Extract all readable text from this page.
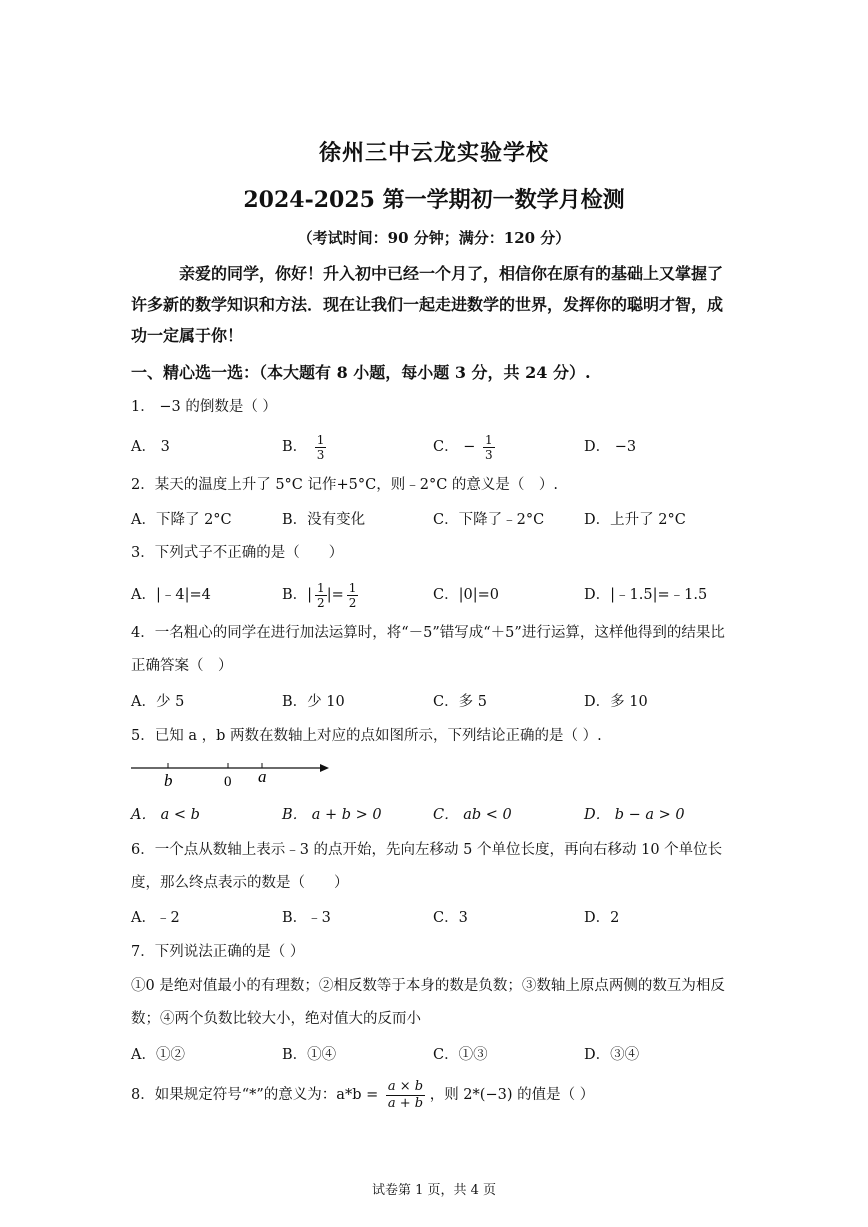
徐州三中云龙实验学校
2024-2025 第一学期初一数学月检测
（考试时间：90 分钟；满分：120 分）
亲爱的同学，你好！升入初中已经一个月了，相信你在原有的基础上又掌握了许多新的数学知识和方法．现在让我们一起走进数学的世界，发挥你的聪明才智，成功一定属于你！
一、精心选一选：（本大题有 8 小题，每小题 3 分，共 24 分）.
1． −3 的倒数是（ ）
A． 3	B． $\frac{1}{3}$	C． − $\frac{1}{3}$	D． −3
2．某天的温度上升了 5°C 记作+5°C，则﹣2°C 的意义是（　）.
A．下降了 2°C	B．没有变化	C．下降了﹣2°C	D．上升了 2°C
3．下列式子不正确的是（　　）
A．|﹣4|=4	B．| $\frac{1}{2}$ |= $\frac{1}{2}$	C．|0|=0	D．|﹣1.5|=﹣1.5
4．一名粗心的同学在进行加法运算时，将“－5”错写成“＋5”进行运算，这样他得到的结果比正确答案（　）
A．少 5	B．少 10	C．多 5	D．多 10
5．已知 a ，b 两数在数轴上对应的点如图所示，下列结论正确的是（ ）.
b	0 a
A． a < b	B． a + b > 0	C． ab < 0	D． b − a > 0
6．一个点从数轴上表示﹣3 的点开始，先向左移动 5 个单位长度，再向右移动 10 个单位长度，那么终点表示的数是（　　）
A．﹣2	B．﹣3	C．3	D．2
7．下列说法正确的是（ ）
①0 是绝对值最小的有理数；②相反数等于本身的数是负数；③数轴上原点两侧的数互为相反数；④两个负数比较大小，绝对值大的反而小
A．①②	B．①④	C．①③	D．③④
8．如果规定符号“*”的意义为：$a*b = \frac{a \times b}{a + b}$ ，则 2*(−3) 的值是（ ）
试卷第 1 页，共 4 页
